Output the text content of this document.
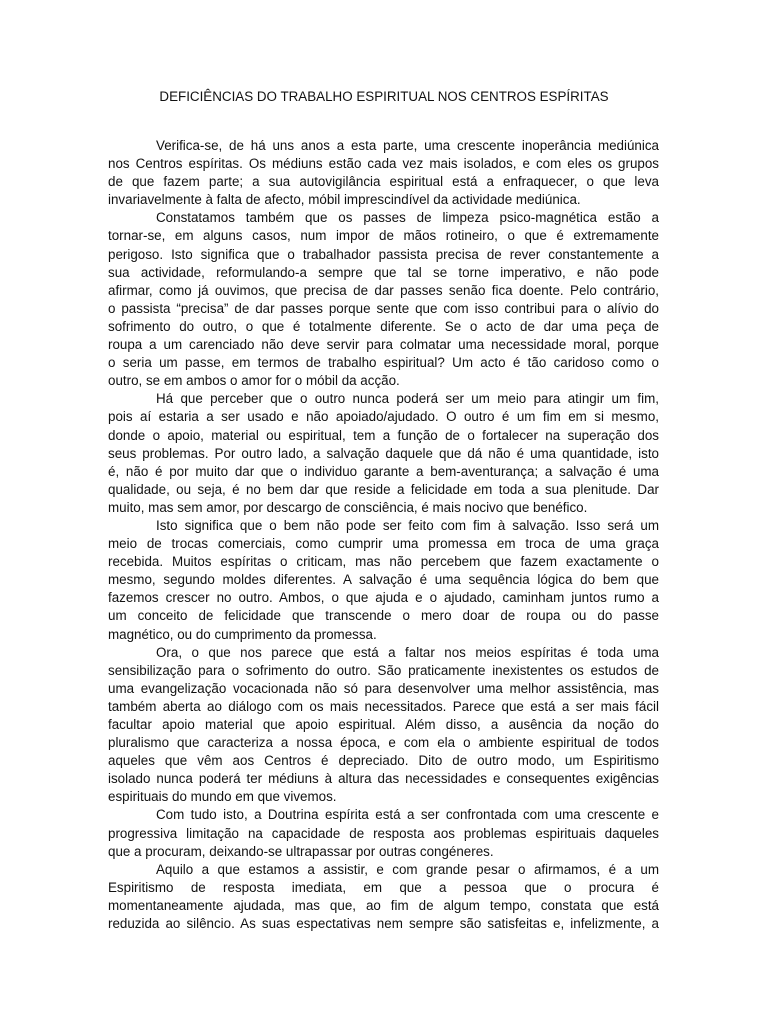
DEFICIÊNCIAS DO TRABALHO ESPIRITUAL NOS CENTROS ESPÍRITAS
Verifica-se, de há uns anos a esta parte, uma crescente inoperância mediúnica
nos Centros espíritas. Os médiuns estão cada vez mais isolados, e com eles os grupos
de que fazem parte; a sua autovigilância espiritual está a enfraquecer, o que leva
invariavelmente à falta de afecto, móbil imprescindível da actividade mediúnica.
Constatamos também que os passes de limpeza psico-magnética estão a
tornar-se, em alguns casos, num impor de mãos rotineiro, o que é extremamente
perigoso. Isto significa que o trabalhador passista precisa de rever constantemente a
sua actividade, reformulando-a sempre que tal se torne imperativo, e não pode
afirmar, como já ouvimos, que precisa de dar passes senão fica doente. Pelo contrário,
o passista “precisa” de dar passes porque sente que com isso contribui para o alívio do
sofrimento do outro, o que é totalmente diferente. Se o acto de dar uma peça de
roupa a um carenciado não deve servir para colmatar uma necessidade moral, porque
o seria um passe, em termos de trabalho espiritual? Um acto é tão caridoso como o
outro, se em ambos o amor for o móbil da acção.
Há que perceber que o outro nunca poderá ser um meio para atingir um fim,
pois aí estaria a ser usado e não apoiado/ajudado. O outro é um fim em si mesmo,
donde o apoio, material ou espiritual, tem a função de o fortalecer na superação dos
seus problemas. Por outro lado, a salvação daquele que dá não é uma quantidade, isto
é, não é por muito dar que o individuo garante a bem-aventurança; a salvação é uma
qualidade, ou seja, é no bem dar que reside a felicidade em toda a sua plenitude. Dar
muito, mas sem amor, por descargo de consciência, é mais nocivo que benéfico.
Isto significa que o bem não pode ser feito com fim à salvação. Isso será um
meio de trocas comerciais, como cumprir uma promessa em troca de uma graça
recebida. Muitos espíritas o criticam, mas não percebem que fazem exactamente o
mesmo, segundo moldes diferentes. A salvação é uma sequência lógica do bem que
fazemos crescer no outro. Ambos, o que ajuda e o ajudado, caminham juntos rumo a
um conceito de felicidade que transcende o mero doar de roupa ou do passe
magnético, ou do cumprimento da promessa.
Ora, o que nos parece que está a faltar nos meios espíritas é toda uma
sensibilização para o sofrimento do outro. São praticamente inexistentes os estudos de
uma evangelização vocacionada não só para desenvolver uma melhor assistência, mas
também aberta ao diálogo com os mais necessitados. Parece que está a ser mais fácil
facultar apoio material que apoio espiritual. Além disso, a ausência da noção do
pluralismo que caracteriza a nossa época, e com ela o ambiente espiritual de todos
aqueles que vêm aos Centros é depreciado. Dito de outro modo, um Espiritismo
isolado nunca poderá ter médiuns à altura das necessidades e consequentes exigências
espirituais do mundo em que vivemos.
Com tudo isto, a Doutrina espírita está a ser confrontada com uma crescente e
progressiva limitação na capacidade de resposta aos problemas espirituais daqueles
que a procuram, deixando-se ultrapassar por outras congéneres.
Aquilo a que estamos a assistir, e com grande pesar o afirmamos, é a um
Espiritismo de resposta imediata, em que a pessoa que o procura é
momentaneamente ajudada, mas que, ao fim de algum tempo, constata que está
reduzida ao silêncio. As suas espectativas nem sempre são satisfeitas e, infelizmente, a
